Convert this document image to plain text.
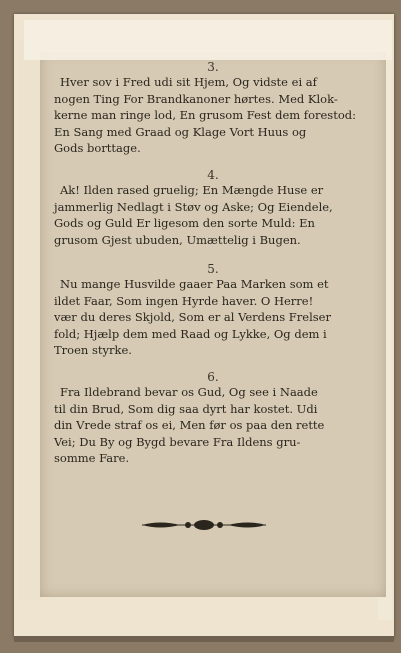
3.
Hver sov i Fred udi sit Hjem, Og vidste ei af
nogen Ting For Brandkanoner hørtes. Med Klok-
kerne man ringe lod, En grusom Fest dem forestod:
En Sang med Graad og Klage Vort Huus og
Gods borttage.
4.
Ak! Ilden rased gruelig; En Mængde Huse er
jammerlig Nedlagt i Støv og Aske; Og Eiendele,
Gods og Guld Er ligesom den sorte Muld: En
grusom Gjest ubuden, Umættelig i Bugen.
5.
Nu mange Husvilde gaaer Paa Marken som et
ildet Faar, Som ingen Hyrde haver. O Herre!
vær du deres Skjold, Som er al Verdens Frelser
fold; Hjælp dem med Raad og Lykke, Og dem i
Troen styrke.
6.
Fra Ildebrand bevar os Gud, Og see i Naade
til din Brud, Som dig saa dyrt har kostet. Udi
din Vrede straf os ei, Men før os paa den rette
Vei; Du By og Bygd bevare Fra Ildens gru-
somme Fare.
